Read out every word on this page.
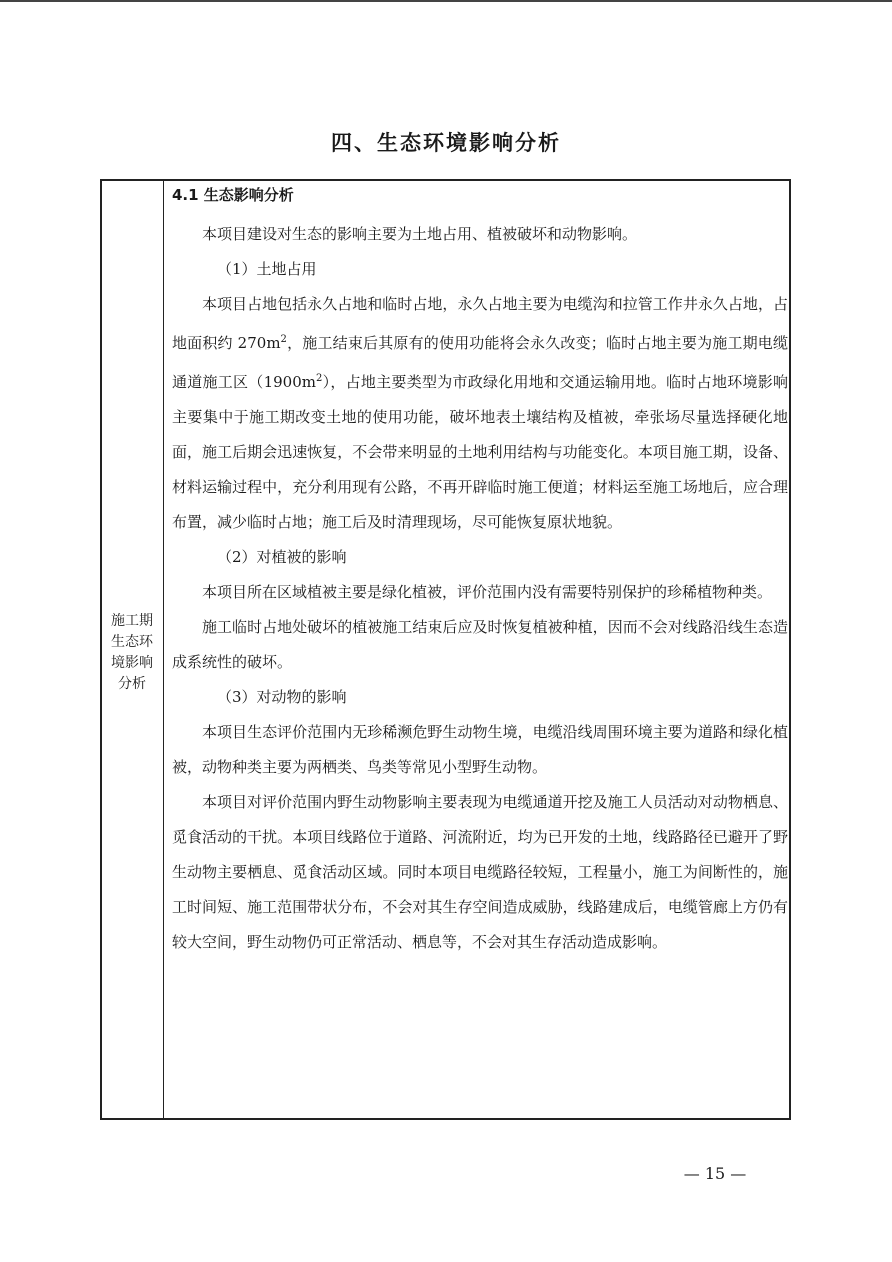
四、生态环境影响分析
施工期
生态环
境影响
分析
4.1 生态影响分析

本项目建设对生态的影响主要为土地占用、植被破坏和动物影响。

（1）土地占用

本项目占地包括永久占地和临时占地，永久占地主要为电缆沟和拉管工作井永久占地，占地面积约 $270m^2$，施工结束后其原有的使用功能将会永久改变；临时占地主要为施工期电缆通道施工区$(1900m^2)$，占地主要类型为市政绿化用地和交通运输用地。临时占地环境影响主要集中于施工期改变土地的使用功能，破坏地表土壤结构及植被，牵张场尽量选择硬化地面，施工后期会迅速恢复，不会带来明显的土地利用结构与功能变化。本项目施工期，设备、材料运输过程中，充分利用现有公路，不再开辟临时施工便道；材料运至施工场地后，应合理布置，减少临时占地；施工后及时清理现场，尽可能恢复原状地貌。

（2）对植被的影响

本项目所在区域植被主要是绿化植被，评价范围内没有需要特别保护的珍稀植物种类。

施工临时占地处破坏的植被施工结束后应及时恢复植被种植，因而不会对线路沿线生态造成系统性的破坏。

（3）对动物的影响

本项目生态评价范围内无珍稀濒危野生动物生境，电缆沿线周围环境主要为道路和绿化植被，动物种类主要为两栖类、鸟类等常见小型野生动物。

本项目对评价范围内野生动物影响主要表现为电缆通道开挖及施工人员活动对动物栖息、觅食活动的干扰。本项目线路位于道路、河流附近，均为已开发的土地，线路路径已避开了野生动物主要栖息、觅食活动区域。同时本项目电缆路径较短，工程量小，施工为间断性的，施工时间短、施工范围带状分布，不会对其生存空间造成威胁，线路建成后，电缆管廊上方仍有较大空间，野生动物仍可正常活动、栖息等，不会对其生存活动造成影响。

— 15 —
